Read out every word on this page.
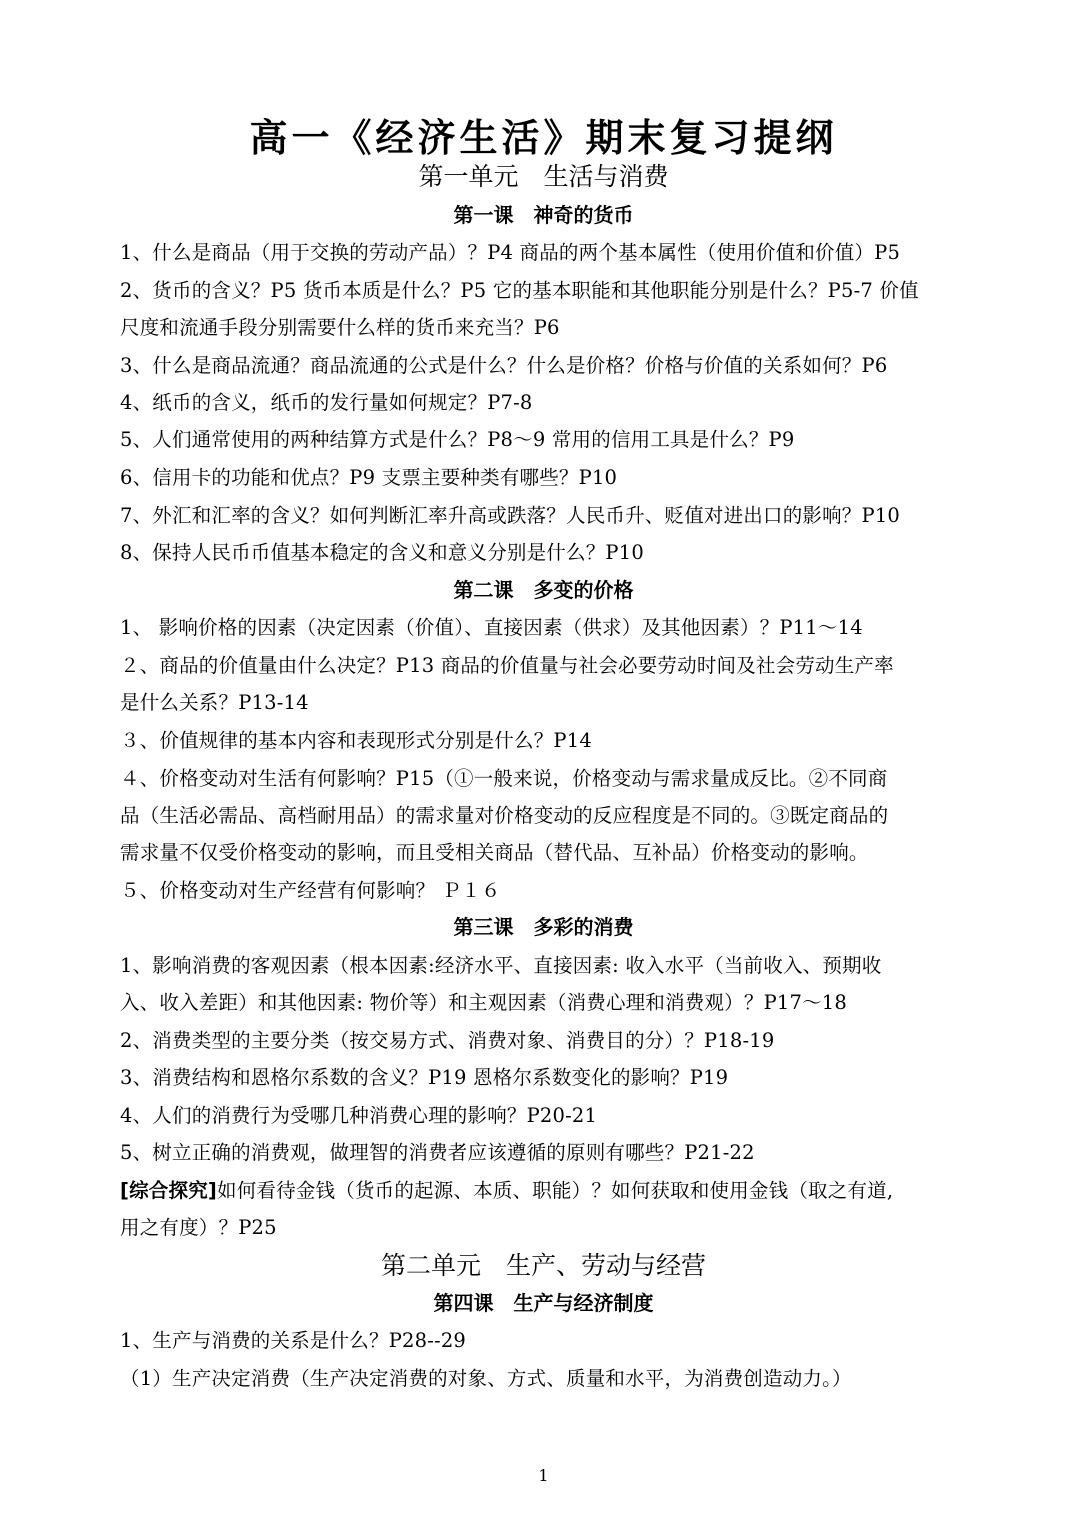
高一《经济生活》期末复习提纲
第一单元　生活与消费
第一课　神奇的货币
1、什么是商品（用于交换的劳动产品）？P4 商品的两个基本属性（使用价值和价值）P5
2、货币的含义？P5 货币本质是什么？P5 它的基本职能和其他职能分别是什么？P5-7 价值
尺度和流通手段分别需要什么样的货币来充当？P6
3、什么是商品流通？商品流通的公式是什么？什么是价格？价格与价值的关系如何？P6
4、纸币的含义，纸币的发行量如何规定？P7-8
5、人们通常使用的两种结算方式是什么？P8～9 常用的信用工具是什么？P9
6、信用卡的功能和优点？P9 支票主要种类有哪些？P10
7、外汇和汇率的含义？如何判断汇率升高或跌落？人民币升、贬值对进出口的影响？P10
8、保持人民币币值基本稳定的含义和意义分别是什么？P10
第二课　多变的价格
1、 影响价格的因素（决定因素（价值）、直接因素（供求）及其他因素）？P11～14
２、商品的价值量由什么决定？P13 商品的价值量与社会必要劳动时间及社会劳动生产率
是什么关系？P13-14
３、价值规律的基本内容和表现形式分别是什么？P14
４、价格变动对生活有何影响？P15（①一般来说，价格变动与需求量成反比。②不同商
品（生活必需品、高档耐用品）的需求量对价格变动的反应程度是不同的。③既定商品的
需求量不仅受价格变动的影响，而且受相关商品（替代品、互补品）价格变动的影响。
５、价格变动对生产经营有何影响？ Ｐ１６
第三课　多彩的消费
1、影响消费的客观因素（根本因素:经济水平、直接因素: 收入水平（当前收入、预期收
入、收入差距）和其他因素: 物价等）和主观因素（消费心理和消费观）？P17～18
2、消费类型的主要分类（按交易方式、消费对象、消费目的分）？P18-19
3、消费结构和恩格尔系数的含义？P19 恩格尔系数变化的影响？P19
4、人们的消费行为受哪几种消费心理的影响？P20-21
5、树立正确的消费观，做理智的消费者应该遵循的原则有哪些？P21-22
[综合探究]如何看待金钱（货币的起源、本质、职能）？如何获取和使用金钱（取之有道,
用之有度）？P25
第二单元　生产、劳动与经营
第四课　生产与经济制度
1、生产与消费的关系是什么？P28--29
（1）生产决定消费（生产决定消费的对象、方式、质量和水平，为消费创造动力。）
1
